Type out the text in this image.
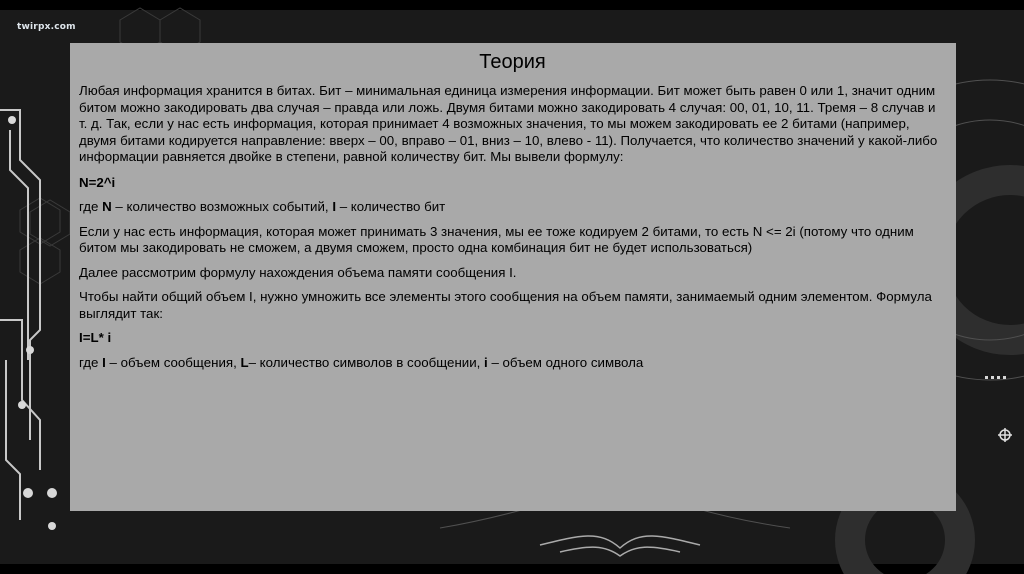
twirpx.com
Теория

Любая информация хранится в битах. Бит – минимальная единица измерения информации. Бит может быть равен 0 или 1, значит одним битом можно закодировать два случая – правда или ложь. Двумя битами можно закодировать 4 случая: 00, 01, 10, 11. Тремя – 8 случав и т. д. Так, если у нас есть информация, которая принимает 4 возможных значения, то мы можем закодировать ее 2 битами (например, двумя битами кодируется направление: вверх – 00, вправо – 01, вниз – 10, влево - 11). Получается, что количество значений у какой-либо информации равняется двойке в степени, равной количеству бит. Мы вывели формулу:

N=2^i

где N – количество возможных событий, I – количество бит

Если у нас есть информация, которая может принимать 3 значения, мы ее тоже кодируем 2 битами, то есть N <= 2i (потому что одним битом мы закодировать не сможем, а двумя сможем, просто одна комбинация бит не будет использоваться)

Далее рассмотрим формулу нахождения объема памяти сообщения I.

Чтобы найти общий объем I, нужно умножить все элементы этого сообщения на объем памяти, занимаемый одним элементом. Формула выглядит так:

I=L* i

где I – объем сообщения, L– количество символов в сообщении, i – объем одного символа
